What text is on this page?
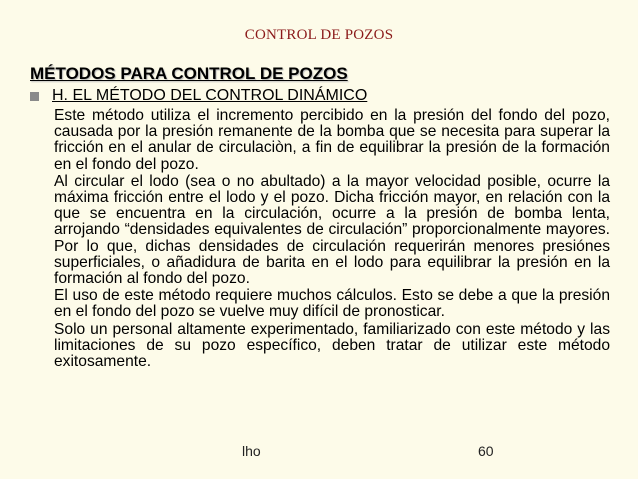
CONTROL DE POZOS
MÉTODOS PARA CONTROL DE POZOS
H. EL MÉTODO DEL CONTROL DINÁMICO

Este método utiliza el incremento percibido en la presión del fondo del pozo, causada por la presión remanente de la bomba que se necesita para superar la fricción en el anular de circulaciòn, a fin de equilibrar la presión de la formación en el fondo del pozo.

Al circular el lodo (sea o no abultado) a la mayor velocidad posible, ocurre la máxima fricción entre el lodo y el pozo. Dicha fricción mayor, en relación con la que se encuentra en la circulación, ocurre a la presión de bomba lenta, arrojando “densidades equivalentes de circulación” proporcionalmente mayores. Por lo que, dichas densidades de circulación requerirán menores presiónes superficiales, o añadidura de barita en el lodo para equilibrar la presión en la formación al fondo del pozo.

El uso de este método requiere muchos cálculos. Esto se debe a que la presión en el fondo del pozo se vuelve muy difícil de pronosticar.

Solo un personal altamente experimentado, familiarizado con este método y las limitaciones de su pozo específico, deben tratar de utilizar este método exitosamente.

lho	60
